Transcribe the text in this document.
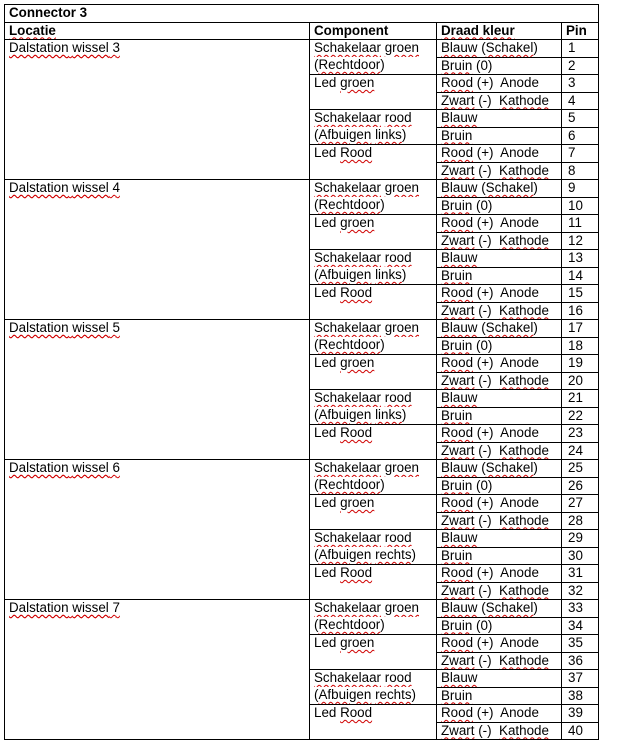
Connector 3			
Locatie	Component	Draad kleur	Pin
Dalstation wissel 3	Schakelaar groen	Blauw (Schakel)	1
	(Rechtdoor)	Bruin (0)	2
	Led groen	Rood (+)  Anode	3
		Zwart (-)  Kathode	4
	Schakelaar rood	Blauw	5
	(Afbuigen links)	Bruin	6
	Led Rood	Rood (+)  Anode	7
		Zwart (-)  Kathode	8
Dalstation wissel 4	Schakelaar groen	Blauw (Schakel)	9
	(Rechtdoor)	Bruin (0)	10
	Led groen	Rood (+)  Anode	11
		Zwart (-)  Kathode	12
	Schakelaar rood	Blauw	13
	(Afbuigen links)	Bruin	14
	Led Rood	Rood (+)  Anode	15
		Zwart (-)  Kathode	16
Dalstation wissel 5	Schakelaar groen	Blauw (Schakel)	17
	(Rechtdoor)	Bruin (0)	18
	Led groen	Rood (+)  Anode	19
		Zwart (-)  Kathode	20
	Schakelaar rood	Blauw	21
	(Afbuigen links)	Bruin	22
	Led Rood	Rood (+)  Anode	23
		Zwart (-)  Kathode	24
Dalstation wissel 6	Schakelaar groen	Blauw (Schakel)	25
	(Rechtdoor)	Bruin (0)	26
	Led groen	Rood (+)  Anode	27
		Zwart (-)  Kathode	28
	Schakelaar rood	Blauw	29
	(Afbuigen rechts)	Bruin	30
	Led Rood	Rood (+)  Anode	31
		Zwart (-)  Kathode	32
Dalstation wissel 7	Schakelaar groen	Blauw (Schakel)	33
	(Rechtdoor)	Bruin (0)	34
	Led groen	Rood (+)  Anode	35
		Zwart (-)  Kathode	36
	Schakelaar rood	Blauw	37
	(Afbuigen rechts)	Bruin	38
	Led Rood	Rood (+)  Anode	39
		Zwart (-)  Kathode	40
